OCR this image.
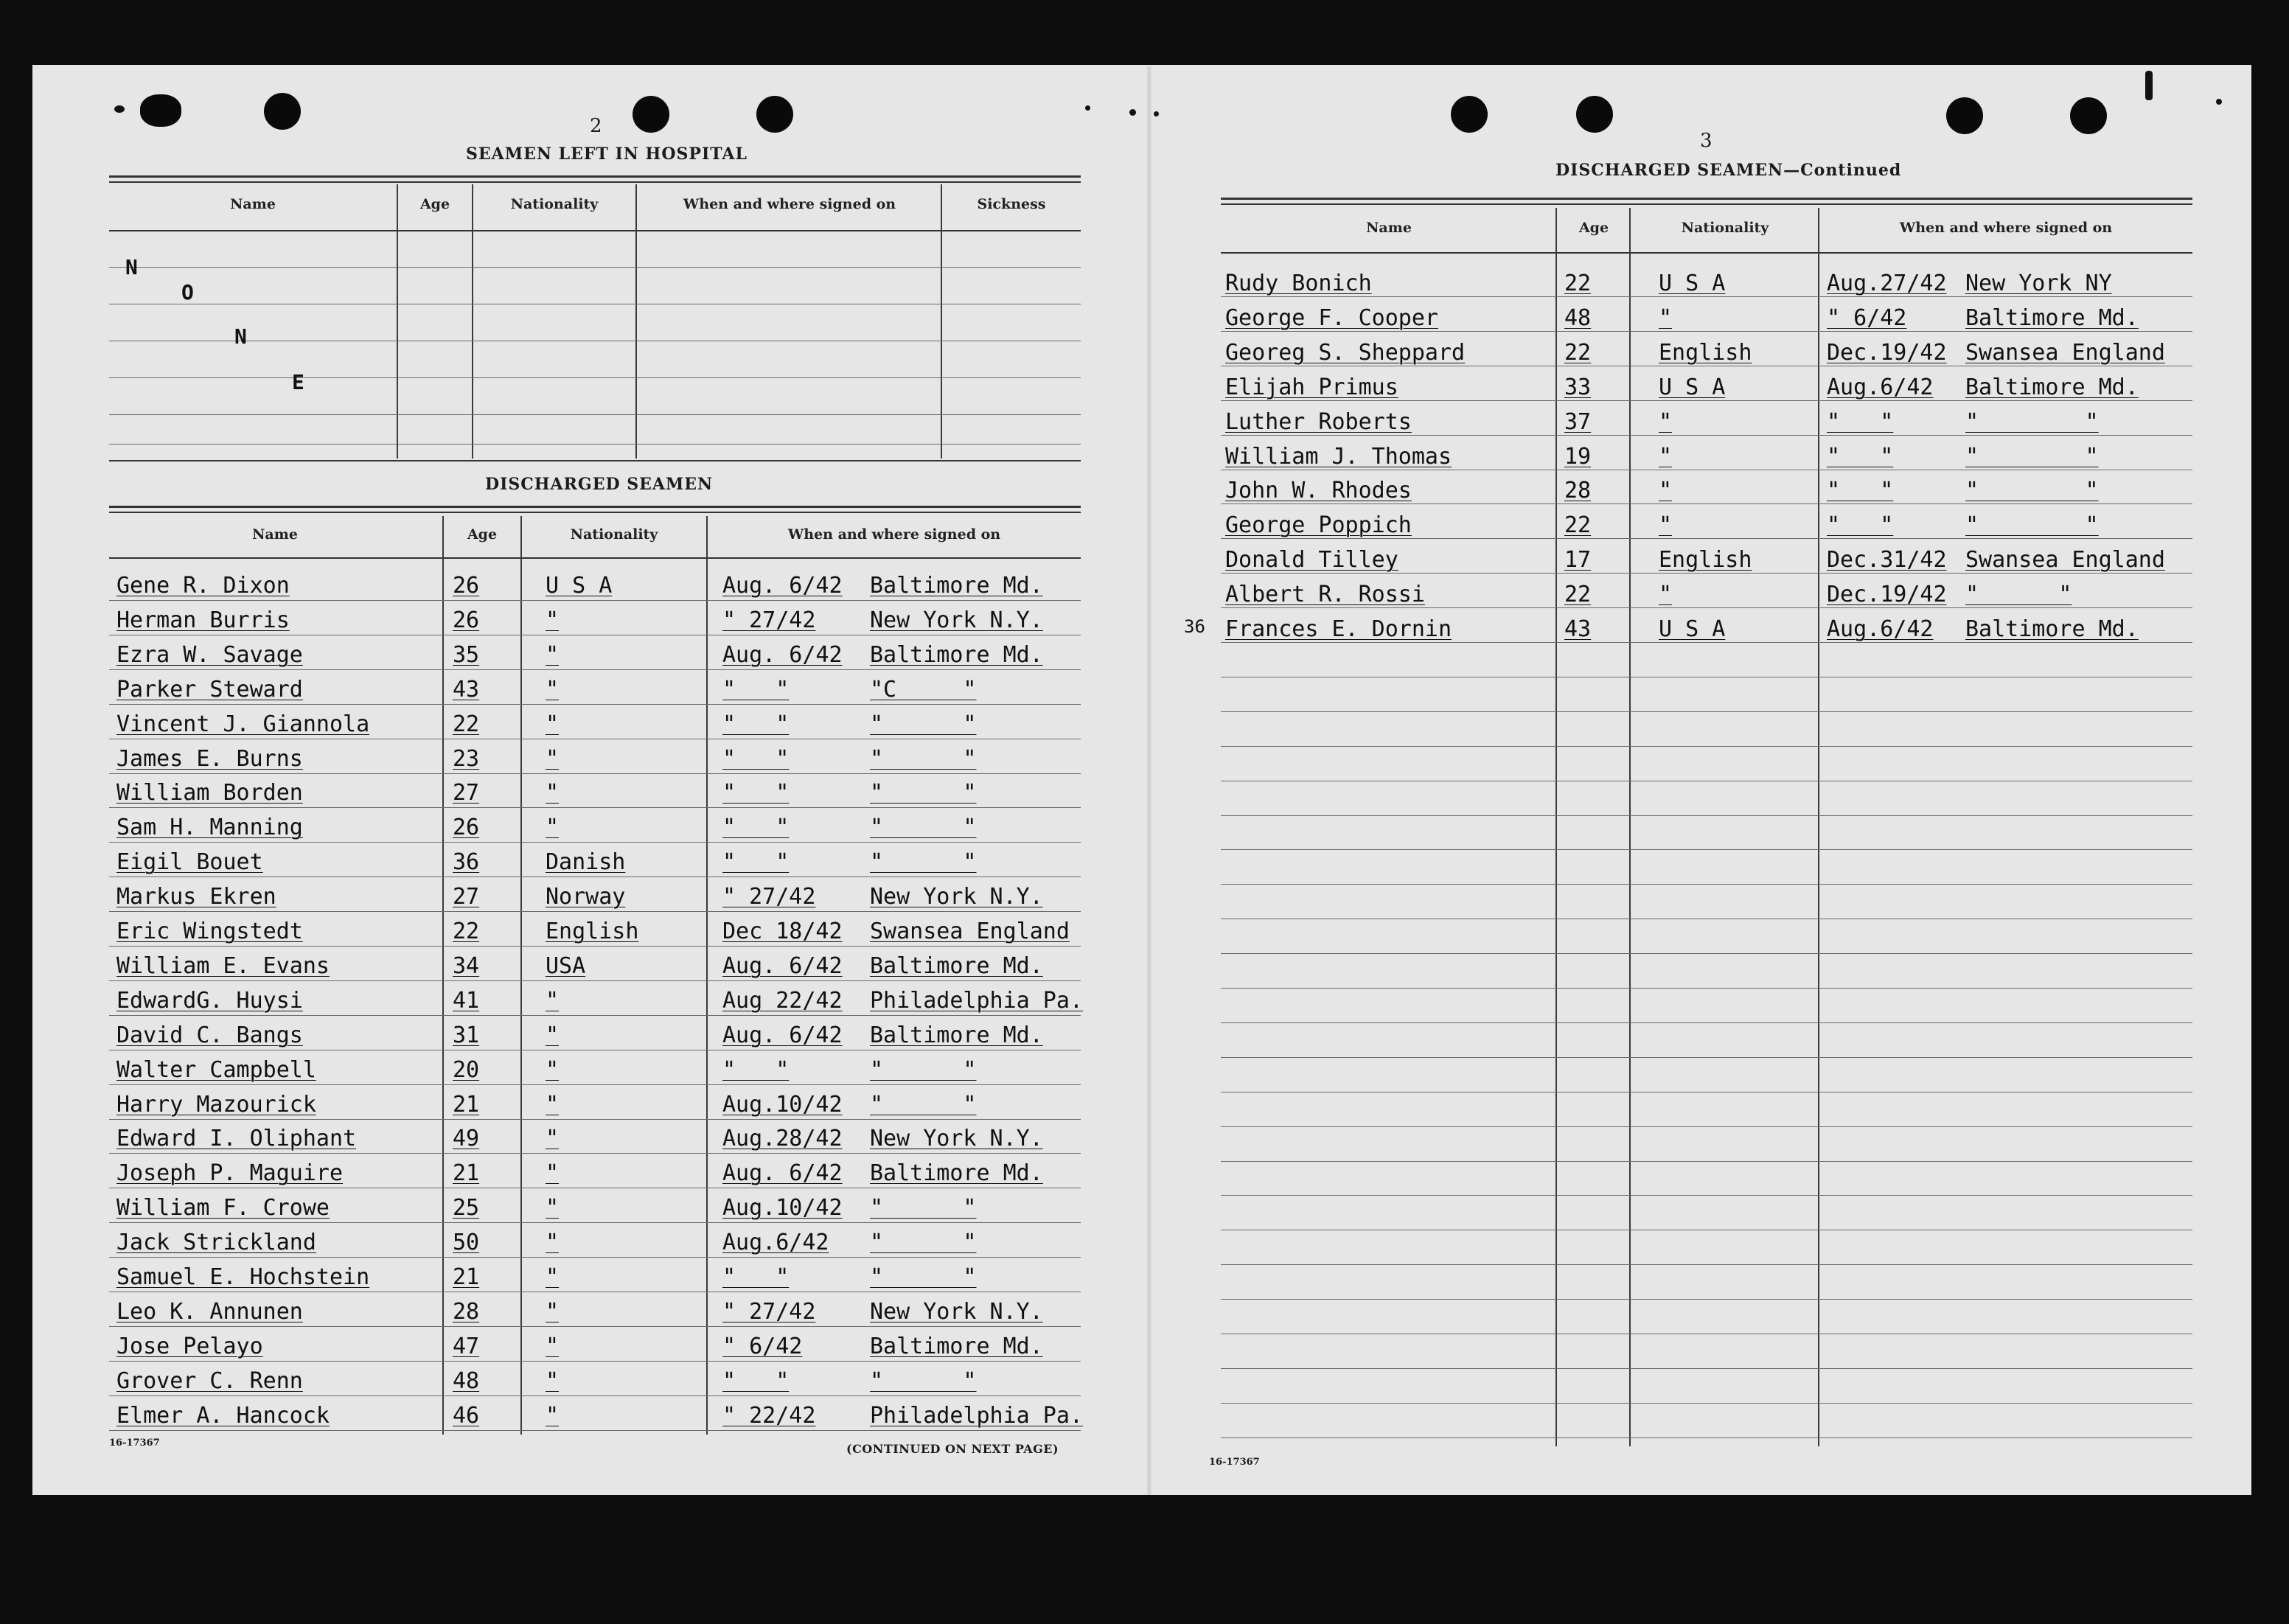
2
SEAMEN LEFT IN HOSPITAL
Name	Age	Nationality	When and where signed on	Sickness
N
O
N
E
DISCHARGED SEAMEN
Name	Age	Nationality	When and where signed on
Gene R. Dixon	26	U S A	Aug. 6/42 Baltimore Md.
Herman Burris	26	"	" 27/42 New York N.Y.
Ezra W. Savage	35	"	Aug. 6/42 Baltimore Md.
Parker Steward	43	"	"   "	"C     "
Vincent J. Giannola	22	"	"   "	"      "
James E. Burns	23	"	"   "	"      "
William Borden	27	"	"   "	"      "
Sam H. Manning	26	"	"   "	"      "
Eigil Bouet	36	Danish	"   "	"      "
Markus Ekren	27	Norway	" 27/42 New York N.Y.
Eric Wingstedt	22	English	Dec 18/42 Swansea England
William E. Evans	34	USA	Aug. 6/42 Baltimore Md.
EdwardG. Huysi	41	"	Aug 22/42 Philadelphia Pa.
David C. Bangs	31	"	Aug. 6/42 Baltimore Md.
Walter Campbell	20	"	"   "	"      "
Harry Mazourick	21	"	Aug.10/42 "      "
Edward I. Oliphant	49	"	Aug.28/42 New York N.Y.
Joseph P. Maguire	21	"	Aug. 6/42 Baltimore Md.
William F. Crowe	25	"	Aug.10/42 "      "
Jack Strickland	50	"	Aug.6/42 "      "
Samuel E. Hochstein	21	"	"   "	"      "
Leo K. Annunen	28	"	" 27/42 New York N.Y.
Jose Pelayo	47	"	" 6/42	Baltimore Md.
Grover C. Renn	48	"	"   "	"      "
Elmer A. Hancock	46	"	" 22/42 Philadelphia Pa.
16-17367	(CONTINUED ON NEXT PAGE)
3
DISCHARGED SEAMEN—Continued
Name	Age	Nationality	When and where signed on
36
Rudy Bonich	22	U S A	Aug.27/42 New York NY
George F. Cooper	48	"	" 6/42	Baltimore Md.
Georeg S. Sheppard	22	English	Dec.19/42 Swansea England
Elijah Primus	33	U S A	Aug.6/42 Baltimore Md.
Luther Roberts	37	"	"   "	"        "
William J. Thomas	19	"	"   "	"        "
John W. Rhodes	28	"	"   "	"        "
George Poppich	22	"	"   "	"        "
Donald Tilley	17	English	Dec.31/42 Swansea England
Albert R. Rossi	22	"	Dec.19/42 "      "
Frances E. Dornin	43	U S A	Aug.6/42 Baltimore Md.
16-17367
